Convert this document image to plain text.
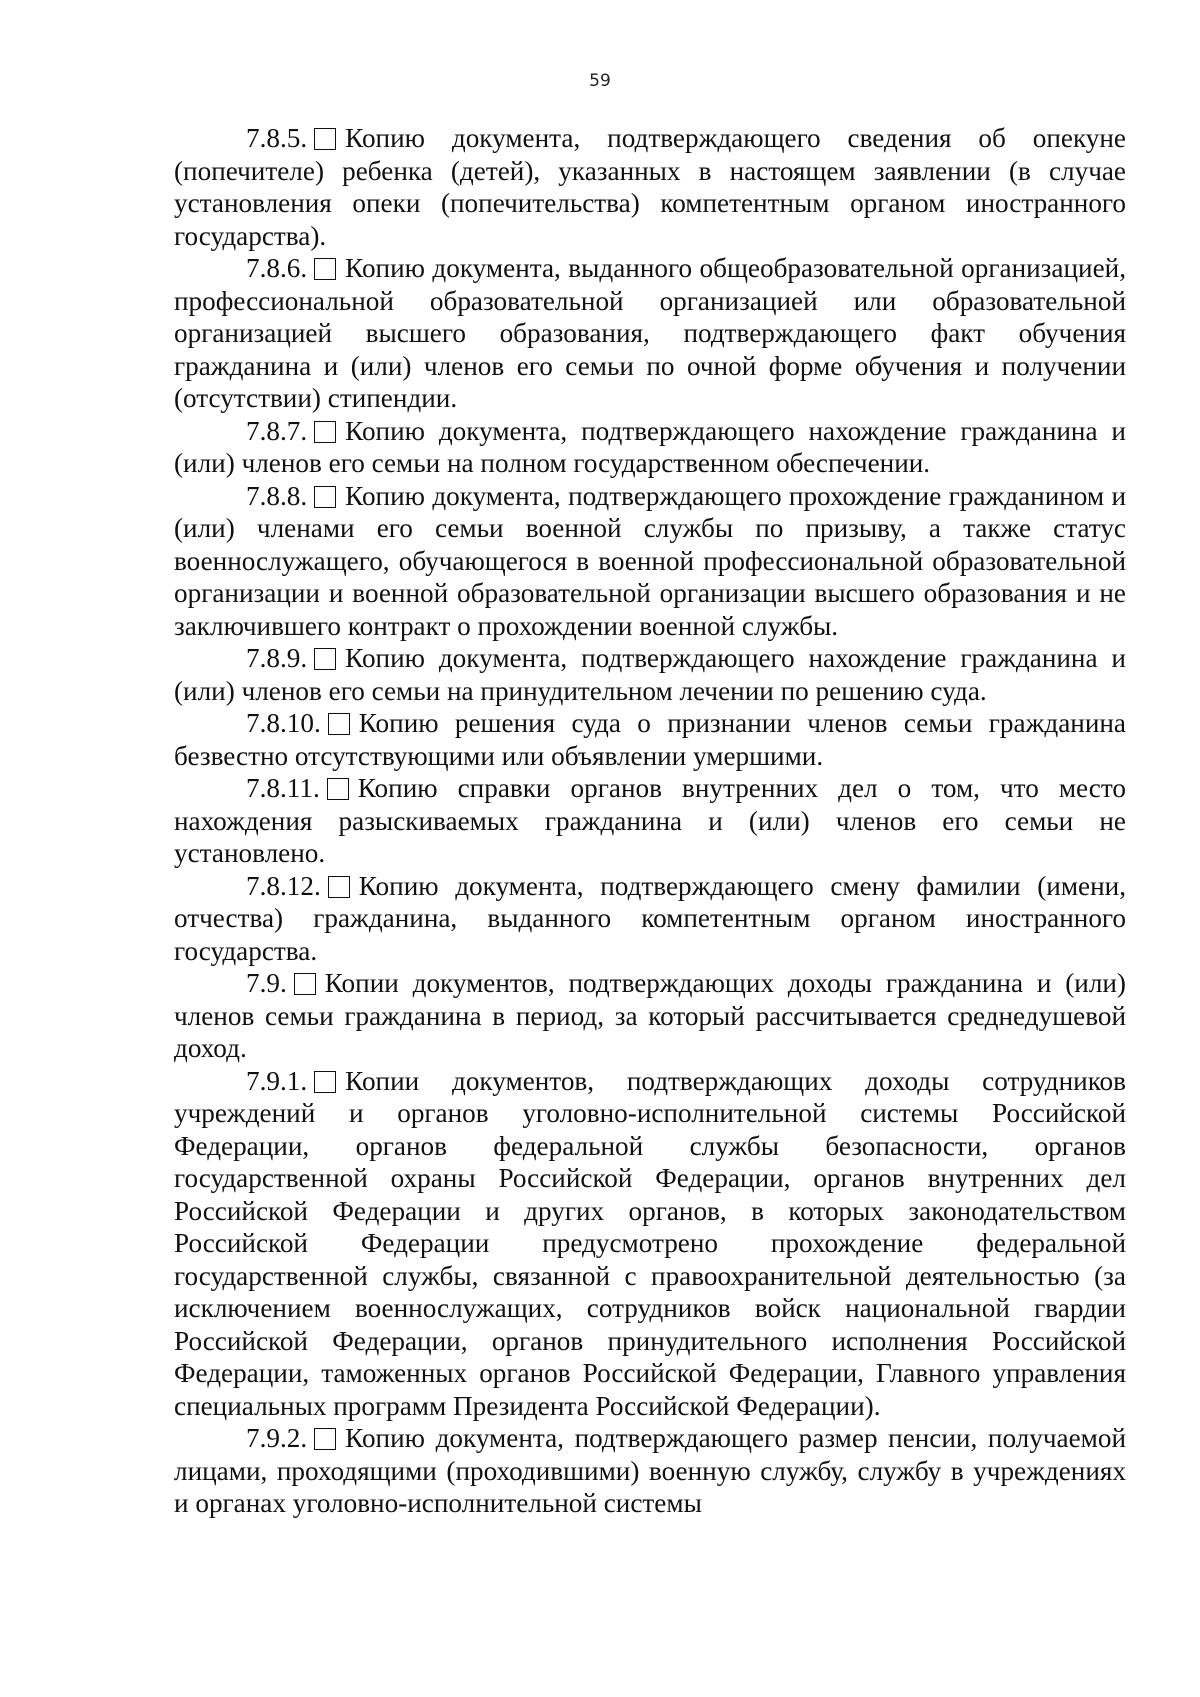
59

7.8.5. Копию документа, подтверждающего сведения об опекуне (попечителе) ребенка (детей), указанных в настоящем заявлении (в случае установления опеки (попечительства) компетентным органом иностранного государства).

7.8.6. Копию документа, выданного общеобразовательной организацией, профессиональной образовательной организацией или образовательной организацией высшего образования, подтверждающего факт обучения гражданина и (или) членов его семьи по очной форме обучения и получении (отсутствии) стипендии.

7.8.7. Копию документа, подтверждающего нахождение гражданина и (или) членов его семьи на полном государственном обеспечении.

7.8.8. Копию документа, подтверждающего прохождение гражданином и (или) членами его семьи военной службы по призыву, а также статус военнослужащего, обучающегося в военной профессиональной образовательной организации и военной образовательной организации высшего образования и не заключившего контракт о прохождении военной службы.

7.8.9. Копию документа, подтверждающего нахождение гражданина и (или) членов его семьи на принудительном лечении по решению суда.

7.8.10. Копию решения суда о признании членов семьи гражданина безвестно отсутствующими или объявлении умершими.

7.8.11. Копию справки органов внутренних дел о том, что место нахождения разыскиваемых гражданина и (или) членов его семьи не установлено.

7.8.12. Копию документа, подтверждающего смену фамилии (имени, отчества) гражданина, выданного компетентным органом иностранного государства.

7.9. Копии документов, подтверждающих доходы гражданина и (или) членов семьи гражданина в период, за который рассчитывается среднедушевой доход.

7.9.1. Копии документов, подтверждающих доходы сотрудников учреждений и органов уголовно-исполнительной системы Российской Федерации, органов федеральной службы безопасности, органов государственной охраны Российской Федерации, органов внутренних дел Российской Федерации и других органов, в которых законодательством Российской Федерации предусмотрено прохождение федеральной государственной службы, связанной с правоохранительной деятельностью (за исключением военнослужащих, сотрудников войск национальной гвардии Российской Федерации, органов принудительного исполнения Российской Федерации, таможенных органов Российской Федерации, Главного управления специальных программ Президента Российской Федерации).

7.9.2. Копию документа, подтверждающего размер пенсии, получаемой лицами, проходящими (проходившими) военную службу, службу в учреждениях и органах уголовно-исполнительной системы
